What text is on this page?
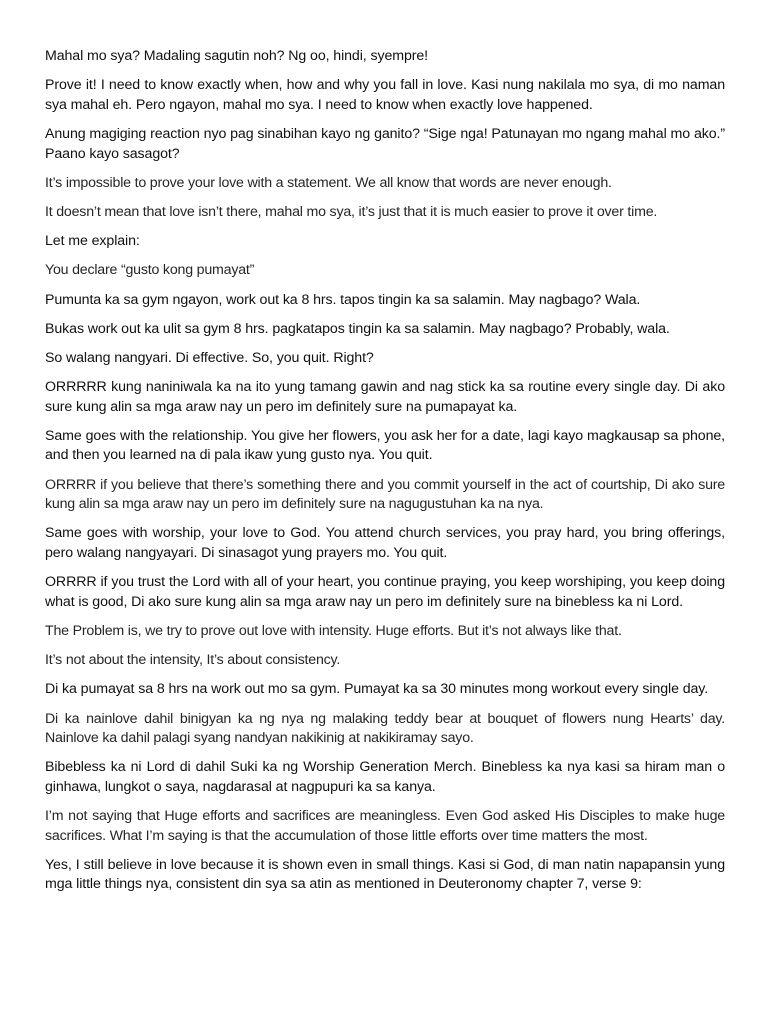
Mahal mo sya? Madaling sagutin noh? Ng oo, hindi, syempre!

Prove it! I need to know exactly when, how and why you fall in love. Kasi nung nakilala mo sya, di mo naman sya mahal eh. Pero ngayon, mahal mo sya. I need to know when exactly love happened.

Anung magiging reaction nyo pag sinabihan kayo ng ganito? “Sige nga! Patunayan mo ngang mahal mo ako.” Paano kayo sasagot?

It’s impossible to prove your love with a statement. We all know that words are never enough.

It doesn’t mean that love isn’t there, mahal mo sya, it’s just that it is much easier to prove it over time.

Let me explain:

You declare “gusto kong pumayat”

Pumunta ka sa gym ngayon, work out ka 8 hrs. tapos tingin ka sa salamin. May nagbago? Wala.

Bukas work out ka ulit sa gym 8 hrs. pagkatapos tingin ka sa salamin. May nagbago? Probably, wala.

So walang nangyari. Di effective. So, you quit. Right?

ORRRRR kung naniniwala ka na ito yung tamang gawin and nag stick ka sa routine every single day. Di ako sure kung alin sa mga araw nay un pero im definitely sure na pumapayat ka.

Same goes with the relationship. You give her flowers, you ask her for a date, lagi kayo magkausap sa phone, and then you learned na di pala ikaw yung gusto nya. You quit.

ORRRR if you believe that there’s something there and you commit yourself in the act of courtship, Di ako sure kung alin sa mga araw nay un pero im definitely sure na nagugustuhan ka na nya.

Same goes with worship, your love to God. You attend church services, you pray hard, you bring offerings, pero walang nangyayari. Di sinasagot yung prayers mo. You quit.

ORRRR if you trust the Lord with all of your heart, you continue praying, you keep worshiping, you keep doing what is good, Di ako sure kung alin sa mga araw nay un pero im definitely sure na binebless ka ni Lord.

The Problem is, we try to prove out love with intensity. Huge efforts. But it’s not always like that.

It’s not about the intensity, It’s about consistency.

Di ka pumayat sa 8 hrs na work out mo sa gym. Pumayat ka sa 30 minutes mong workout every single day.

Di ka nainlove dahil binigyan ka ng nya ng malaking teddy bear at bouquet of flowers nung Hearts’ day. Nainlove ka dahil palagi syang nandyan nakikinig at nakikiramay sayo.

Bibebless ka ni Lord di dahil Suki ka ng Worship Generation Merch. Binebless ka nya kasi sa hiram man o ginhawa, lungkot o saya, nagdarasal at nagpupuri ka sa kanya.

I’m not saying that Huge efforts and sacrifices are meaningless. Even God asked His Disciples to make huge sacrifices. What I’m saying is that the accumulation of those little efforts over time matters the most.

Yes, I still believe in love because it is shown even in small things. Kasi si God, di man natin napapansin yung mga little things nya, consistent din sya sa atin as mentioned in Deuteronomy chapter 7, verse 9:
